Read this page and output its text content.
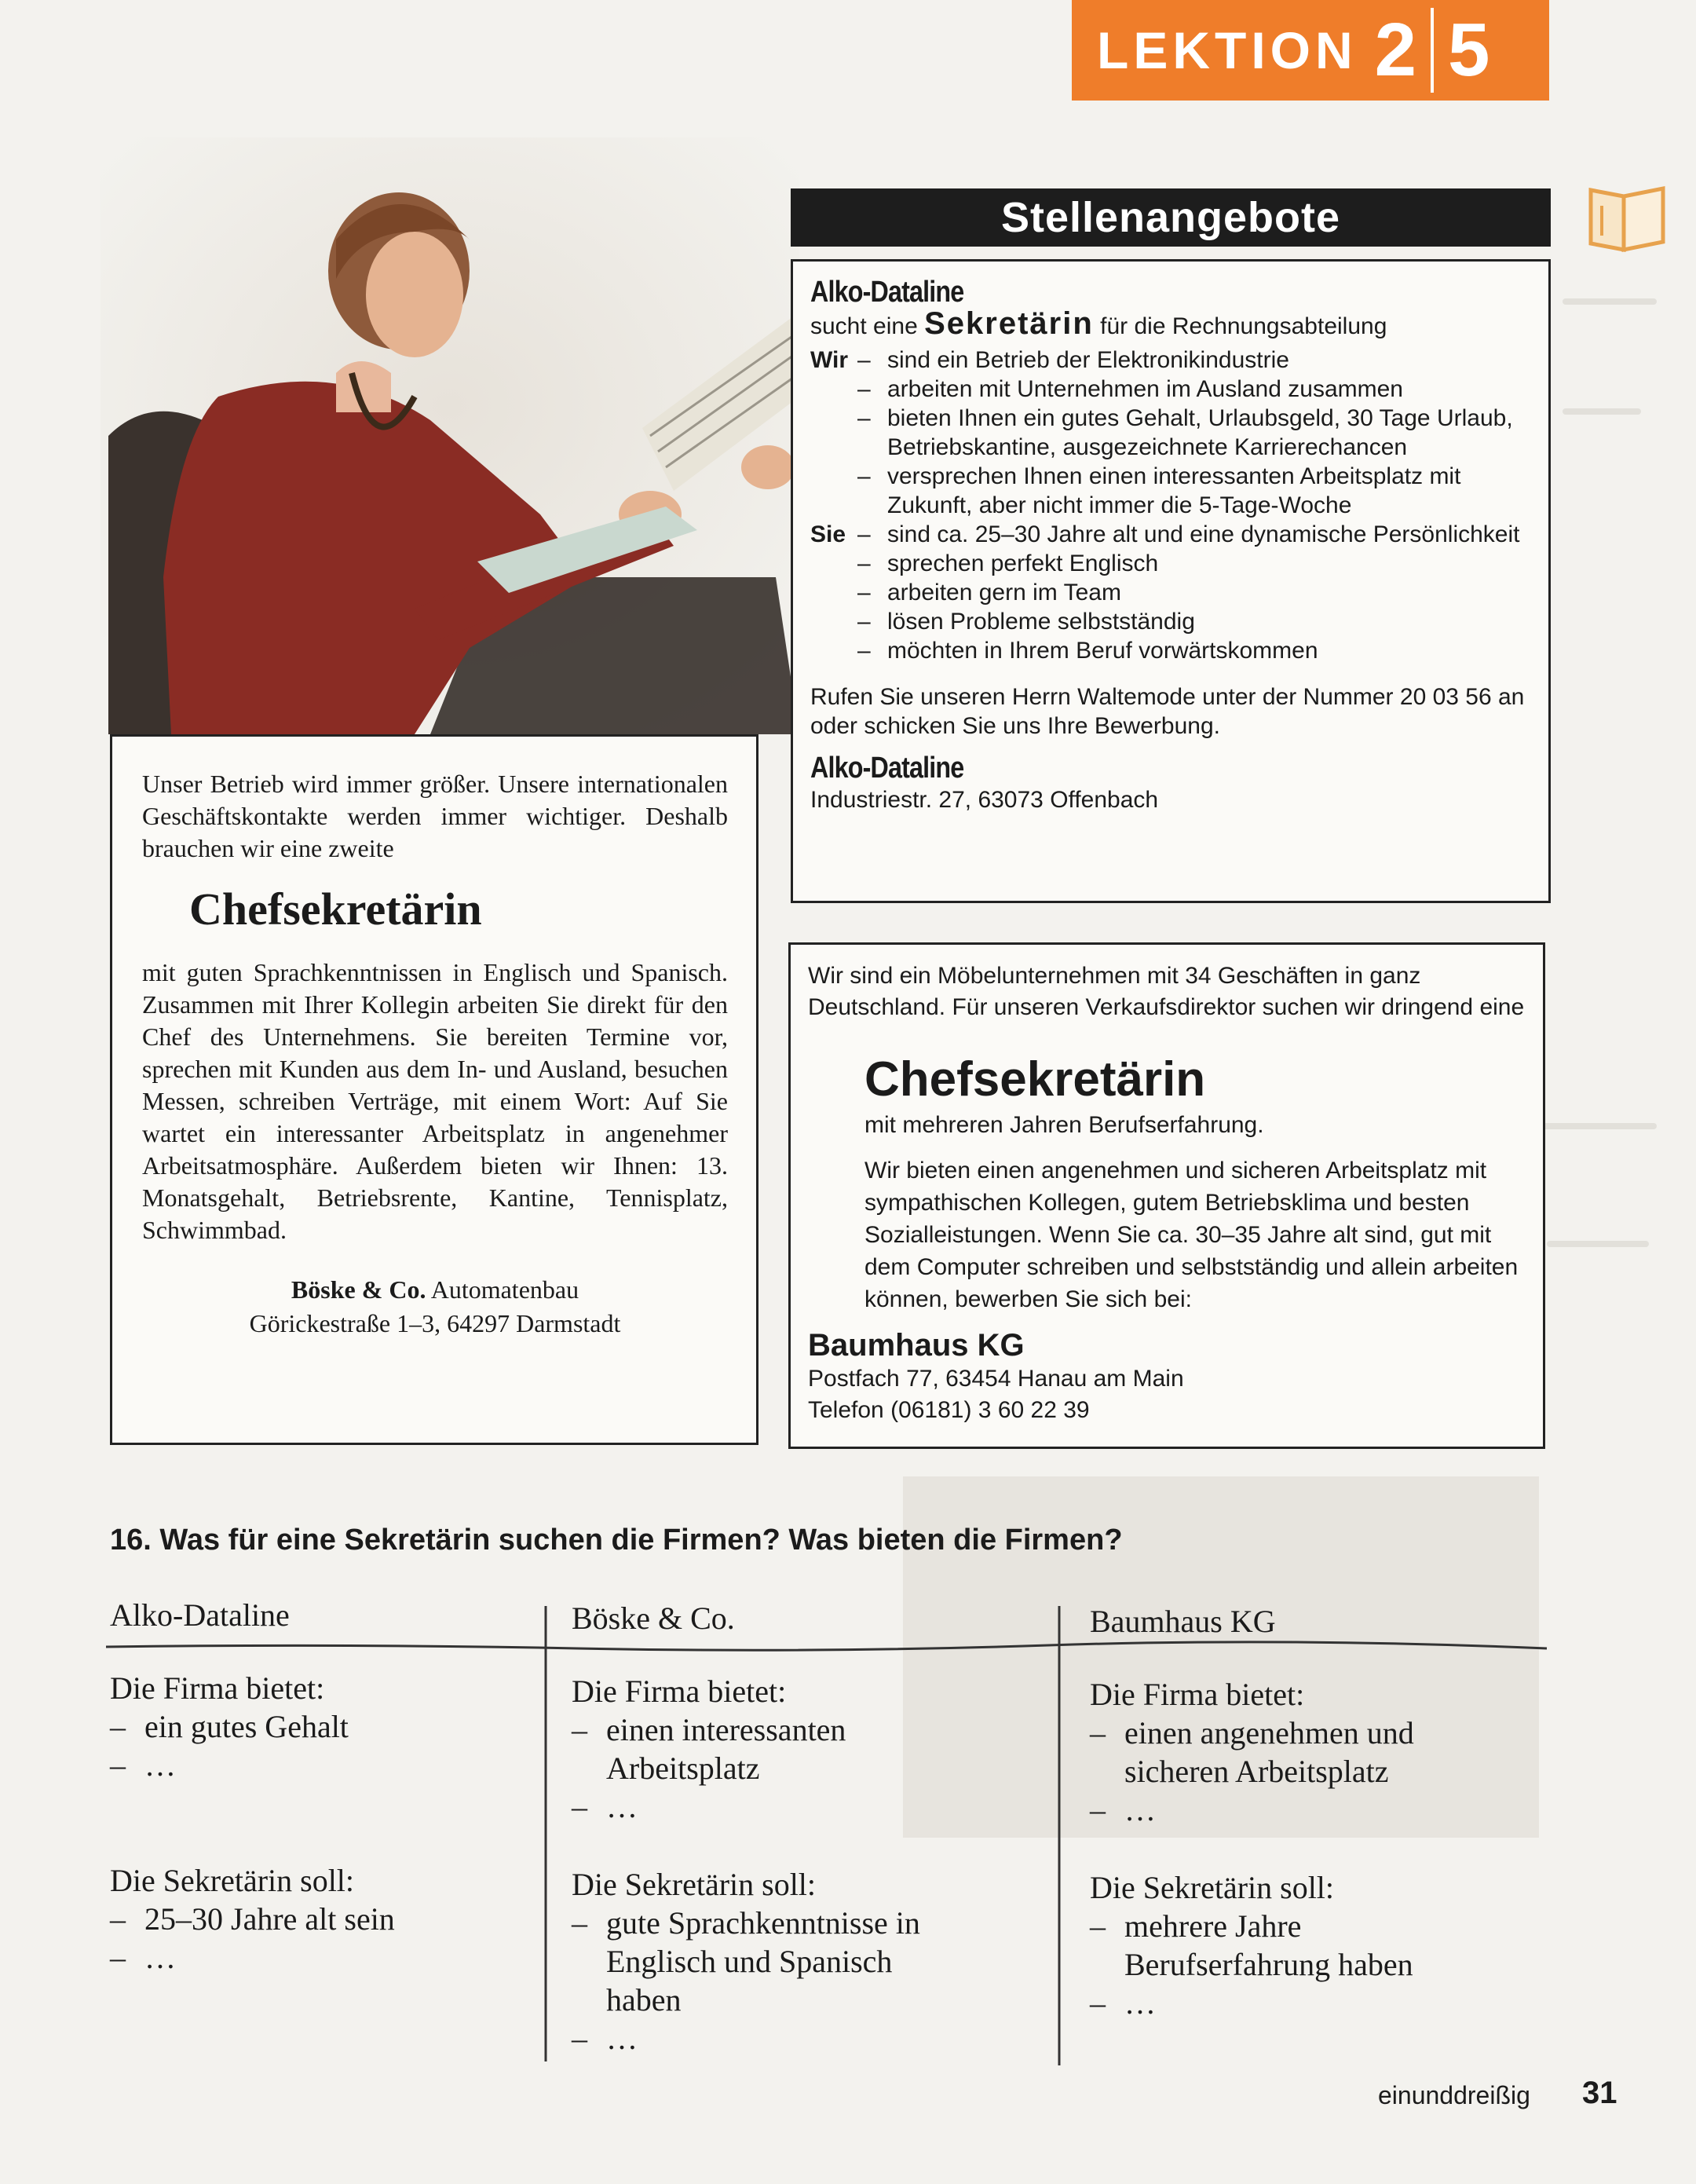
LEKTION 2 5
Stellenangebote
Alko-Dataline
sucht eine Sekretärin für die Rechnungsabteilung
Wir	– sind ein Betrieb der Elektronikindustrie
– arbeiten mit Unternehmen im Ausland zusammen
– bieten Ihnen ein gutes Gehalt, Urlaubsgeld, 30 Tage Urlaub, Betriebskantine, ausgezeichnete Karrierechancen
– versprechen Ihnen einen interessanten Arbeitsplatz mit Zukunft, aber nicht immer die 5-Tage-Woche
Sie	– sind ca. 25–30 Jahre alt und eine dynamische Persönlichkeit
– sprechen perfekt Englisch
– arbeiten gern im Team
– lösen Probleme selbstständig
– möchten in Ihrem Beruf vorwärtskommen
Rufen Sie unseren Herrn Waltemode unter der Nummer 20 03 56 an oder schicken Sie uns Ihre Bewerbung.
Alko-Dataline
Industriestr. 27, 63073 Offenbach

Unser Betrieb wird immer größer. Unsere internationalen Geschäftskontakte werden immer wichtiger. Deshalb brauchen wir eine zweite

Chefsekretärin

mit guten Sprachkenntnissen in Englisch und Spanisch. Zusammen mit Ihrer Kollegin arbeiten Sie direkt für den Chef des Unternehmens. Sie bereiten Termine vor, sprechen mit Kunden aus dem In- und Ausland, besuchen Messen, schreiben Verträge, mit einem Wort: Auf Sie wartet ein interessanter Arbeitsplatz in angenehmer Arbeitsatmosphäre. Außerdem bieten wir Ihnen: 13. Monatsgehalt, Betriebsrente, Kantine, Tennisplatz, Schwimmbad.

Böske & Co. Automatenbau
Görickestraße 1–3, 64297 Darmstadt
Wir sind ein Möbelunternehmen mit 34 Geschäften in ganz Deutschland. Für unseren Verkaufsdirektor suchen wir dringend eine
Chefsekretärin
mit mehreren Jahren Berufserfahrung.
Wir bieten einen angenehmen und sicheren Arbeitsplatz mit sympathischen Kollegen, gutem Betriebsklima und besten Sozialleistungen. Wenn Sie ca. 30–35 Jahre alt sind, gut mit dem Computer schreiben und selbstständig und allein arbeiten können, bewerben Sie sich bei:
Baumhaus KG
Postfach 77, 63454 Hanau am Main
Telefon (06181) 3 60 22 39
16. Was für eine Sekretärin suchen die Firmen? Was bieten die Firmen?
Alko-Dataline
Die Firma bietet:
– ein gutes Gehalt
– …
Die Sekretärin soll:
– 25–30 Jahre alt sein
– …
Böske & Co.
Die Firma bietet:
– einen interessanten Arbeitsplatz
– …
Die Sekretärin soll:
– gute Sprachkenntnisse in Englisch und Spanisch haben
– …
Baumhaus KG
Die Firma bietet:
– einen angenehmen und sicheren Arbeitsplatz
– …
Die Sekretärin soll:
– mehrere Jahre Berufserfahrung haben
– …
einunddreißig 31
